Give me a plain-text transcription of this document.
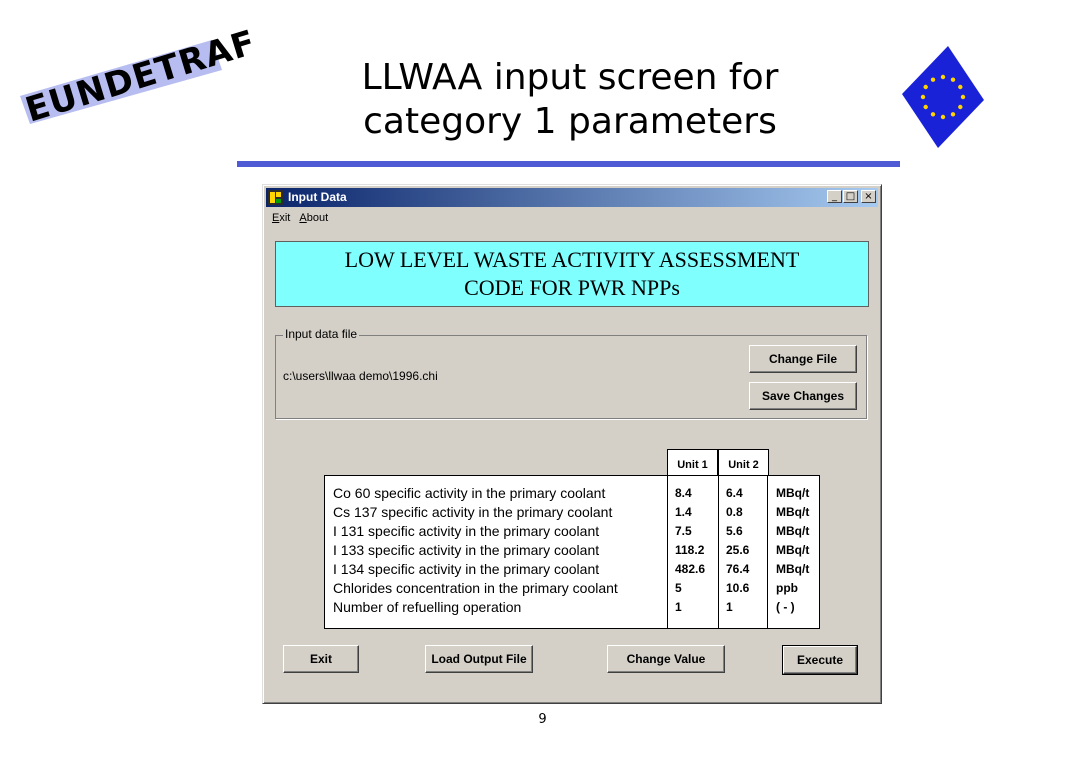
EUNDETRAF	LLWAA input screen for
category 1 parameters
Input Data	_ □ ×
Exit About
LOW LEVEL WASTE ACTIVITY ASSESSMENT
CODE FOR PWR NPPs
Input data file
c:\users\llwaa demo\1996.chi
Change File
Save Changes
Unit 1	Unit 2
Co 60 specific activity in the primary coolant	8.4	6.4	MBq/t
Cs 137 specific activity in the primary coolant	1.4	0.8	MBq/t
I 131 specific activity in the primary coolant	7.5	5.6	MBq/t
I 133 specific activity in the primary coolant	118.2 25.6 MBq/t
I 134 specific activity in the primary coolant	482.6 76.4 MBq/t
Chlorides concentration in the primary coolant	5	10.6 ppb
Number of refuelling operation	1	1	( - )
Exit	Load Output File	Change Value	Execute
9
